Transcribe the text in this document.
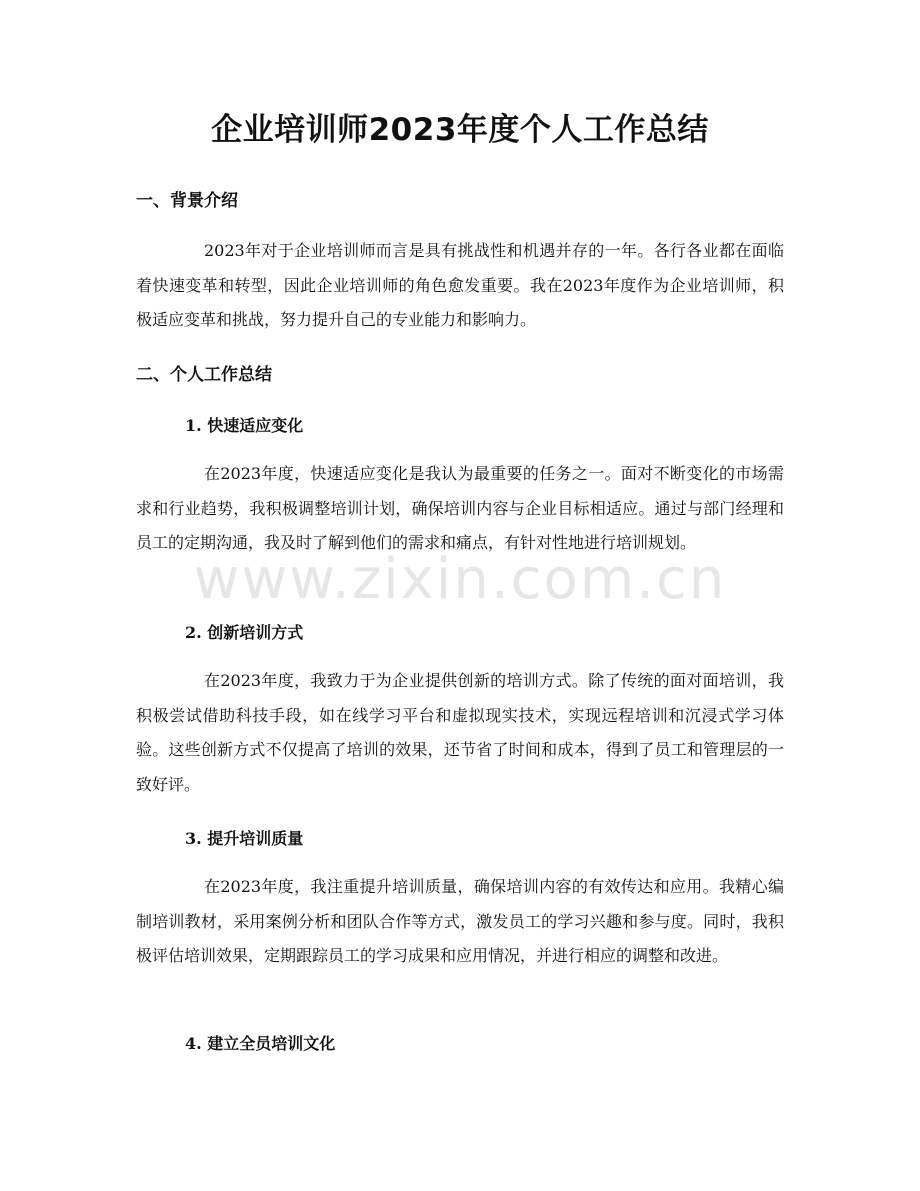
企业培训师2023年度个人工作总结
一、背景介绍

2023年对于企业培训师而言是具有挑战性和机遇并存的一年。各行各业都在面临着快速变革和转型，因此企业培训师的角色愈发重要。我在2023年度作为企业培训师，积极适应变革和挑战，努力提升自己的专业能力和影响力。

二、个人工作总结
1. 快速适应变化

在2023年度，快速适应变化是我认为最重要的任务之一。面对不断变化的市场需求和行业趋势，我积极调整培训计划，确保培训内容与企业目标相适应。通过与部门经理和员工的定期沟通，我及时了解到他们的需求和痛点，有针对性地进行培训规划。

2. 创新培训方式

在2023年度，我致力于为企业提供创新的培训方式。除了传统的面对面培训，我积极尝试借助科技手段，如在线学习平台和虚拟现实技术，实现远程培训和沉浸式学习体验。这些创新方式不仅提高了培训的效果，还节省了时间和成本，得到了员工和管理层的一致好评。

3. 提升培训质量

在2023年度，我注重提升培训质量，确保培训内容的有效传达和应用。我精心编制培训教材，采用案例分析和团队合作等方式，激发员工的学习兴趣和参与度。同时，我积极评估培训效果，定期跟踪员工的学习成果和应用情况，并进行相应的调整和改进。

4. 建立全员培训文化
www.zixin.com.cn
